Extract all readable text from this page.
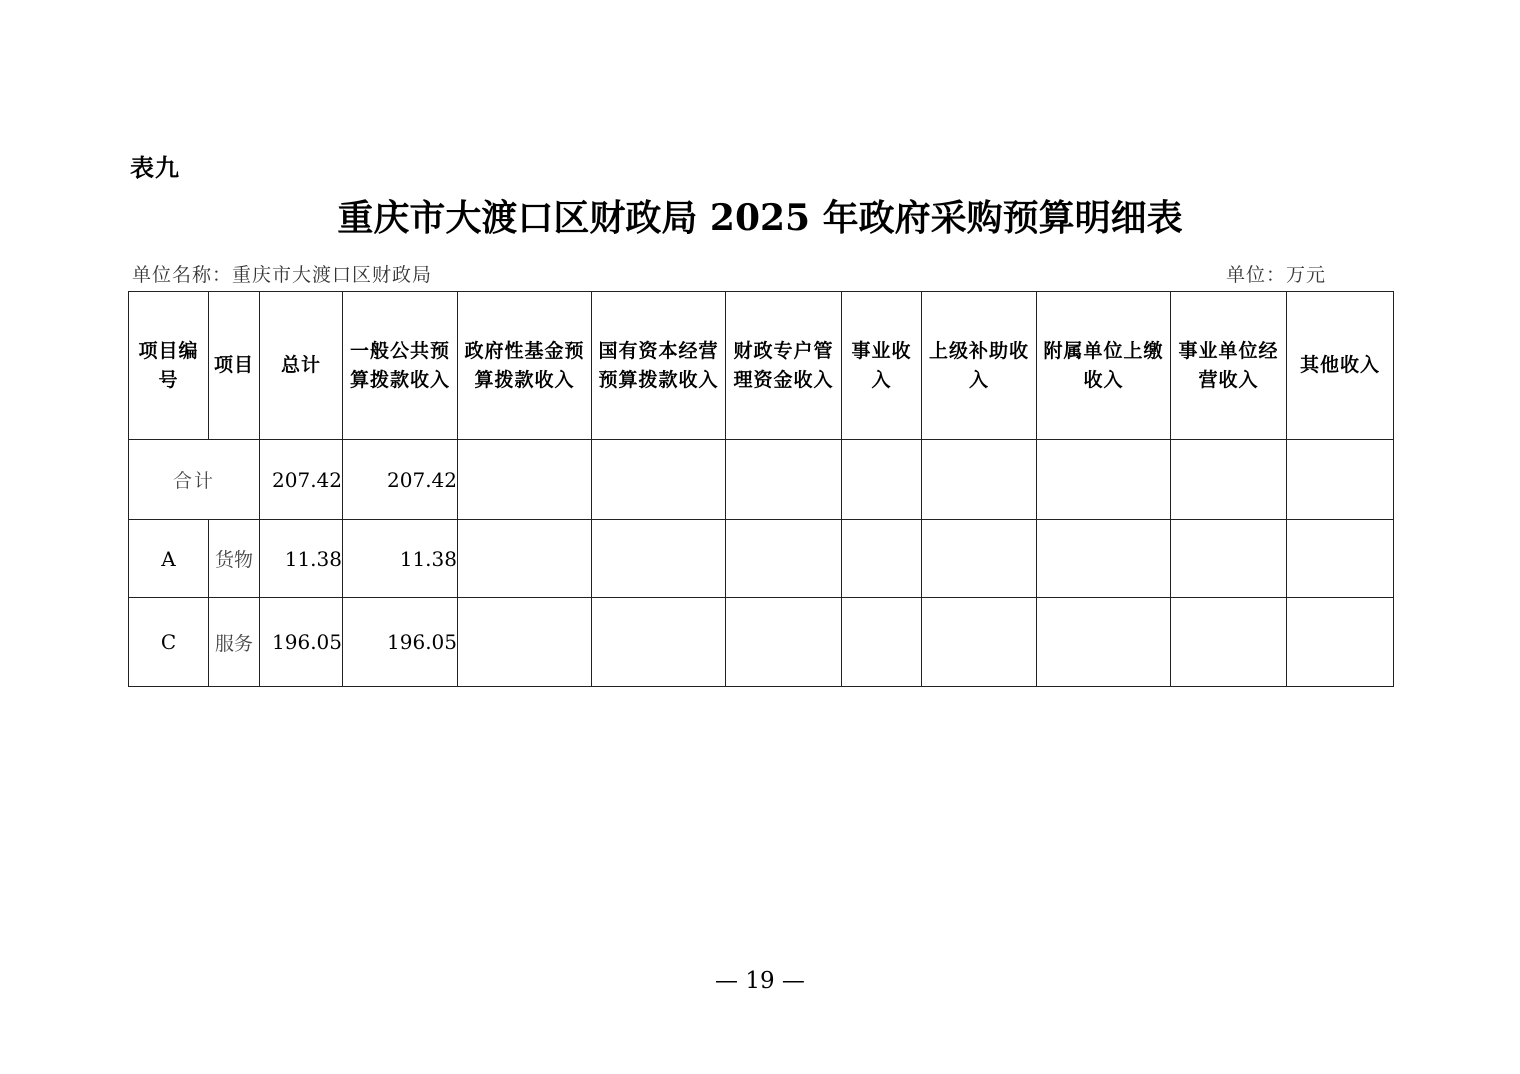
表九
重庆市大渡口区财政局 2025 年政府采购预算明细表
单位名称：重庆市大渡口区财政局	单位：万元
项目编
号	项目	总计	一般公共预
算拨款收入	政府性基金预
算拨款收入	国有资本经营
预算拨款收入	财政专户管
理资金收入	事业收
入	上级补助收
入	附属单位上缴
收入	事业单位经
营收入	其他收入
合计		207.42	207.42								
A	货物	11.38	11.38								
C	服务	196.05	196.05								
— 19 —
